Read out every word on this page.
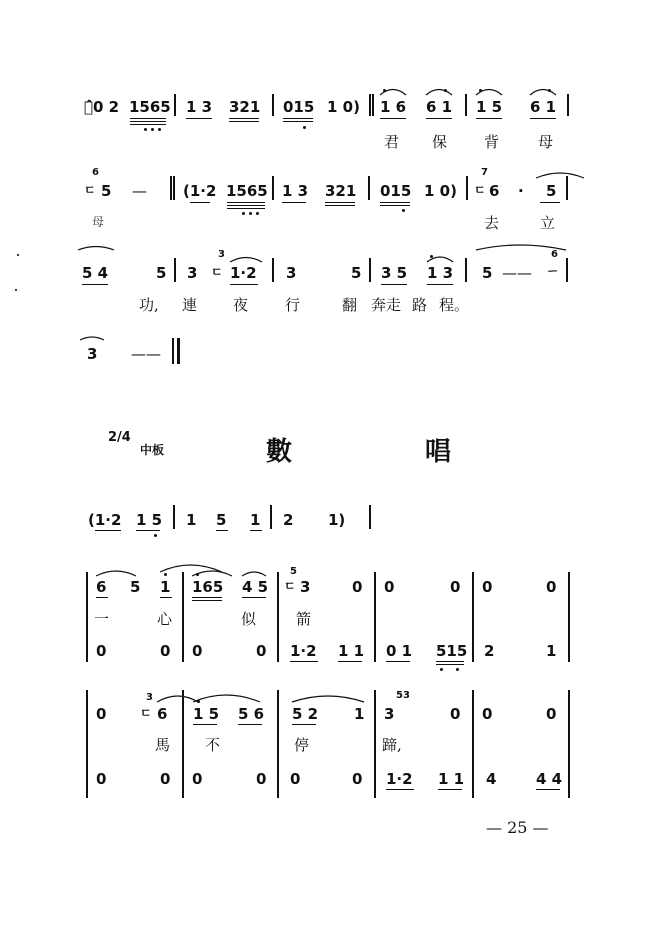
、̂0 2 1565 1 3 321 015 1 0) 1 6 6 1 1 5 6 1
君 保 背	母
6
ㄷ 5 — (1·2 1565 1 3 321 015 1 0)
7
ㄷ 6 · 5
母	去	立
5 4	5 3
3
ㄷ 1·2 3	5 3 5 1 3 5 ——
6
ㄧ
功, 連 夜 行	翻 奔走 路 程。
3 ——
2/4
中板	數 唱
(1·2 1 5 1 5 1 2 1)
6 5 1 165 4 5
5
ㄷ 3	0 0	0 0	0
一	心	似	箭
0	0 0	0 1·2 1 1 0 1 515 2	1
0
3
ㄷ 6 1 5 5 6 5 2 1
53
3	0 0	0
馬 不	停	蹄,
0	0 0	0 0	0 1·2 1 1 4	4 4
— 25 —
